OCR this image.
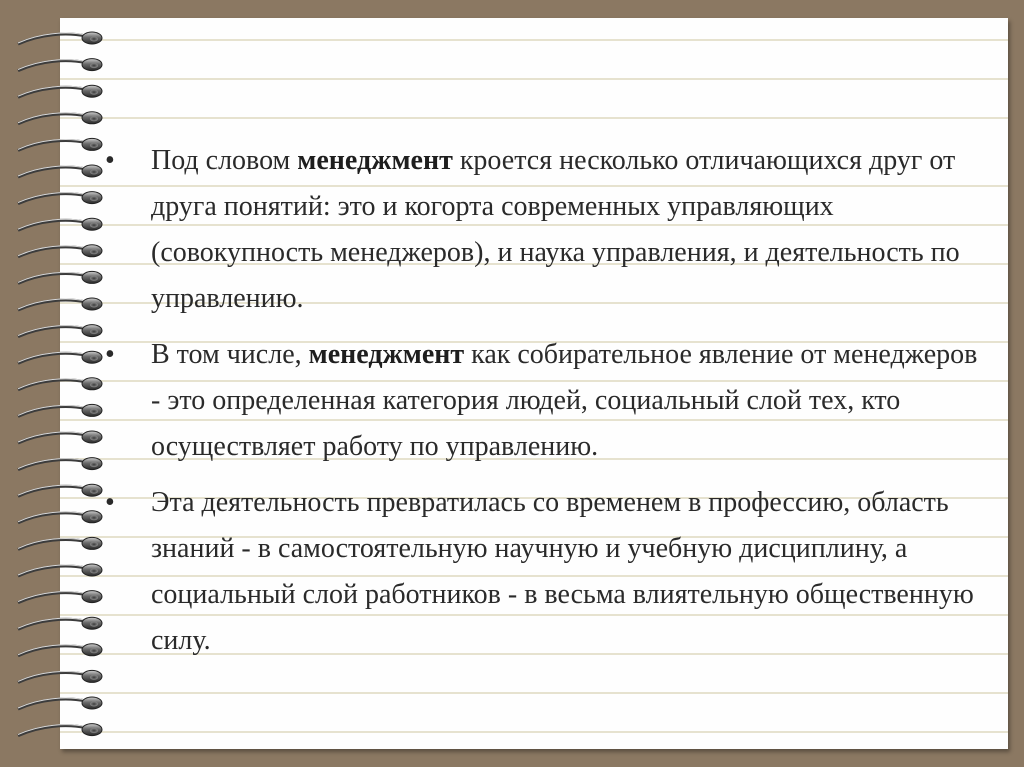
•	Под словом менеджмент кроется несколько отличающихся друг от друга понятий: это и когорта современных управляющих (совокупность менеджеров), и наука управления, и деятельность по управлению.
•	В том числе, менеджмент как собирательное явление от менеджеров - это определенная категория людей, социальный слой тех, кто осуществляет работу по управлению.
•	Эта деятельность превратилась со временем в профессию, область знаний - в самостоятельную научную и учебную дисциплину, а социальный слой работников - в весьма влиятельную общественную силу.
